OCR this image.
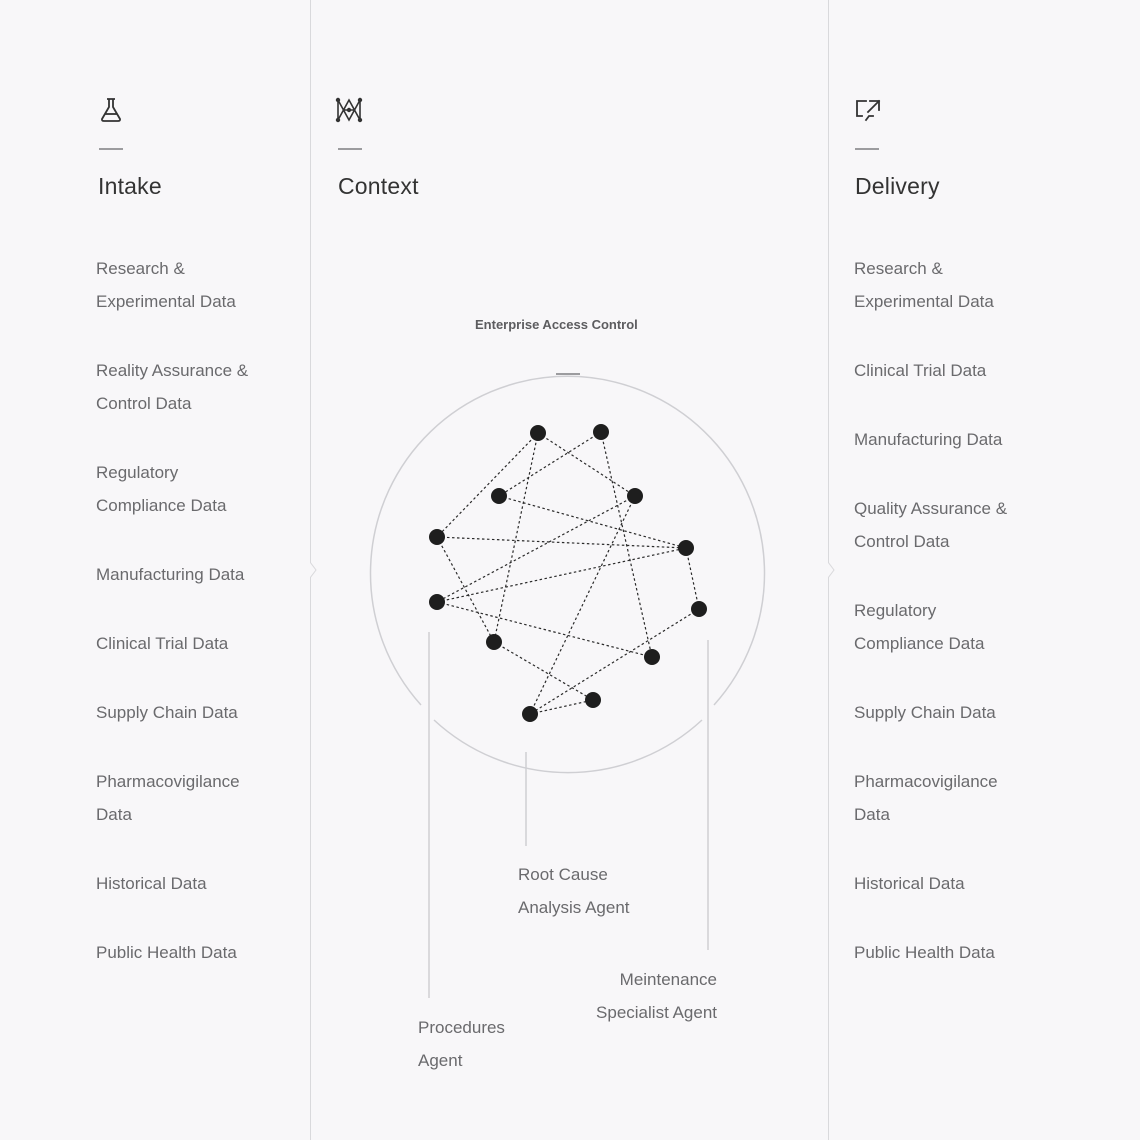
Intake
Research & Experimental Data
Reality Assurance & Control Data
Regulatory Compliance Data
Manufacturing Data
Clinical Trial Data
Supply Chain Data
Pharmacovigilance Data
Historical Data
Public Health Data
Context
Enterprise Access Control
Root Cause Analysis Agent
Meintenance Specialist Agent
Procedures Agent
Delivery
Research & Experimental Data
Clinical Trial Data
Manufacturing Data
Quality Assurance & Control Data
Regulatory Compliance Data
Supply Chain Data
Pharmacovigilance Data
Historical Data
Public Health Data
